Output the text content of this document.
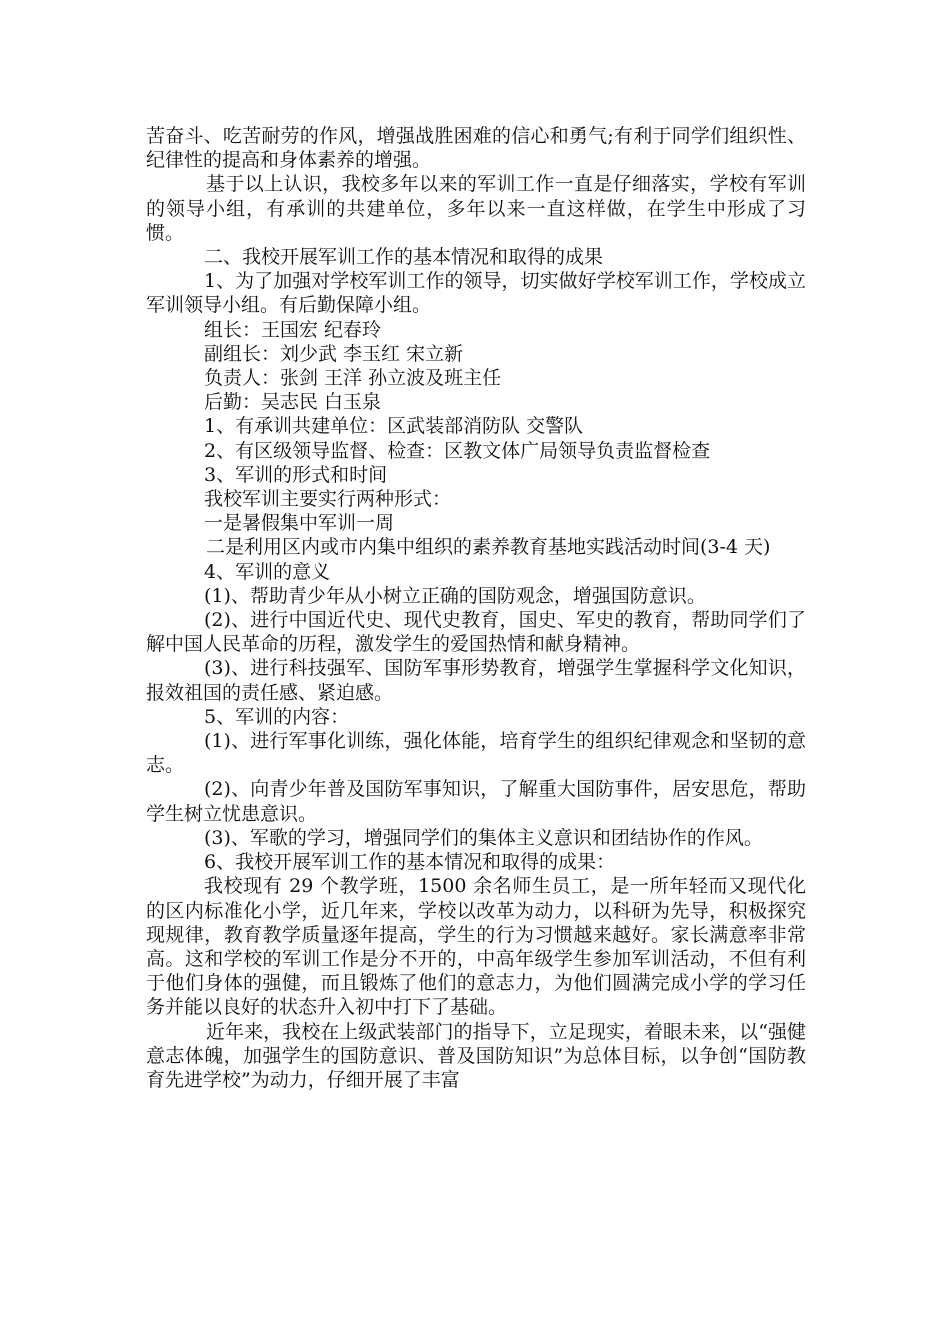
苦奋斗、吃苦耐劳的作风，增强战胜困难的信心和勇气;有利于同学们组织性、纪律性的提高和身体素养的增强。

基于以上认识，我校多年以来的军训工作一直是仔细落实，学校有军训的领导小组，有承训的共建单位，多年以来一直这样做，在学生中形成了习惯。

二、我校开展军训工作的基本情况和取得的成果

1、为了加强对学校军训工作的领导，切实做好学校军训工作，学校成立军训领导小组。有后勤保障小组。

组长：王国宏 纪春玲

副组长：刘少武 李玉红 宋立新

负责人：张剑 王洋 孙立波及班主任

后勤：吴志民 白玉泉

1、有承训共建单位：区武装部消防队 交警队

2、有区级领导监督、检查：区教文体广局领导负责监督检查

3、军训的形式和时间

我校军训主要实行两种形式：

一是暑假集中军训一周

二是利用区内或市内集中组织的素养教育基地实践活动时间(3-4 天)

4、军训的意义

(1)、帮助青少年从小树立正确的国防观念，增强国防意识。

(2)、进行中国近代史、现代史教育，国史、军史的教育，帮助同学们了解中国人民革命的历程，激发学生的爱国热情和献身精神。

(3)、进行科技强军、国防军事形势教育，增强学生掌握科学文化知识，报效祖国的责任感、紧迫感。

5、军训的内容：

(1)、进行军事化训练，强化体能，培育学生的组织纪律观念和坚韧的意志。

(2)、向青少年普及国防军事知识，了解重大国防事件，居安思危，帮助学生树立忧患意识。

(3)、军歌的学习，增强同学们的集体主义意识和团结协作的作风。

6、我校开展军训工作的基本情况和取得的成果：

我校现有 29 个教学班，1500 余名师生员工，是一所年轻而又现代化的区内标准化小学，近几年来，学校以改革为动力，以科研为先导，积极探究现规律，教育教学质量逐年提高，学生的行为习惯越来越好。家长满意率非常高。这和学校的军训工作是分不开的，中高年级学生参加军训活动，不但有利于他们身体的强健，而且锻炼了他们的意志力，为他们圆满完成小学的学习任务并能以良好的状态升入初中打下了基础。

近年来，我校在上级武装部门的指导下，立足现实，着眼未来，以“强健意志体魄，加强学生的国防意识、普及国防知识”为总体目标，以争创“国防教育先进学校”为动力，仔细开展了丰富
